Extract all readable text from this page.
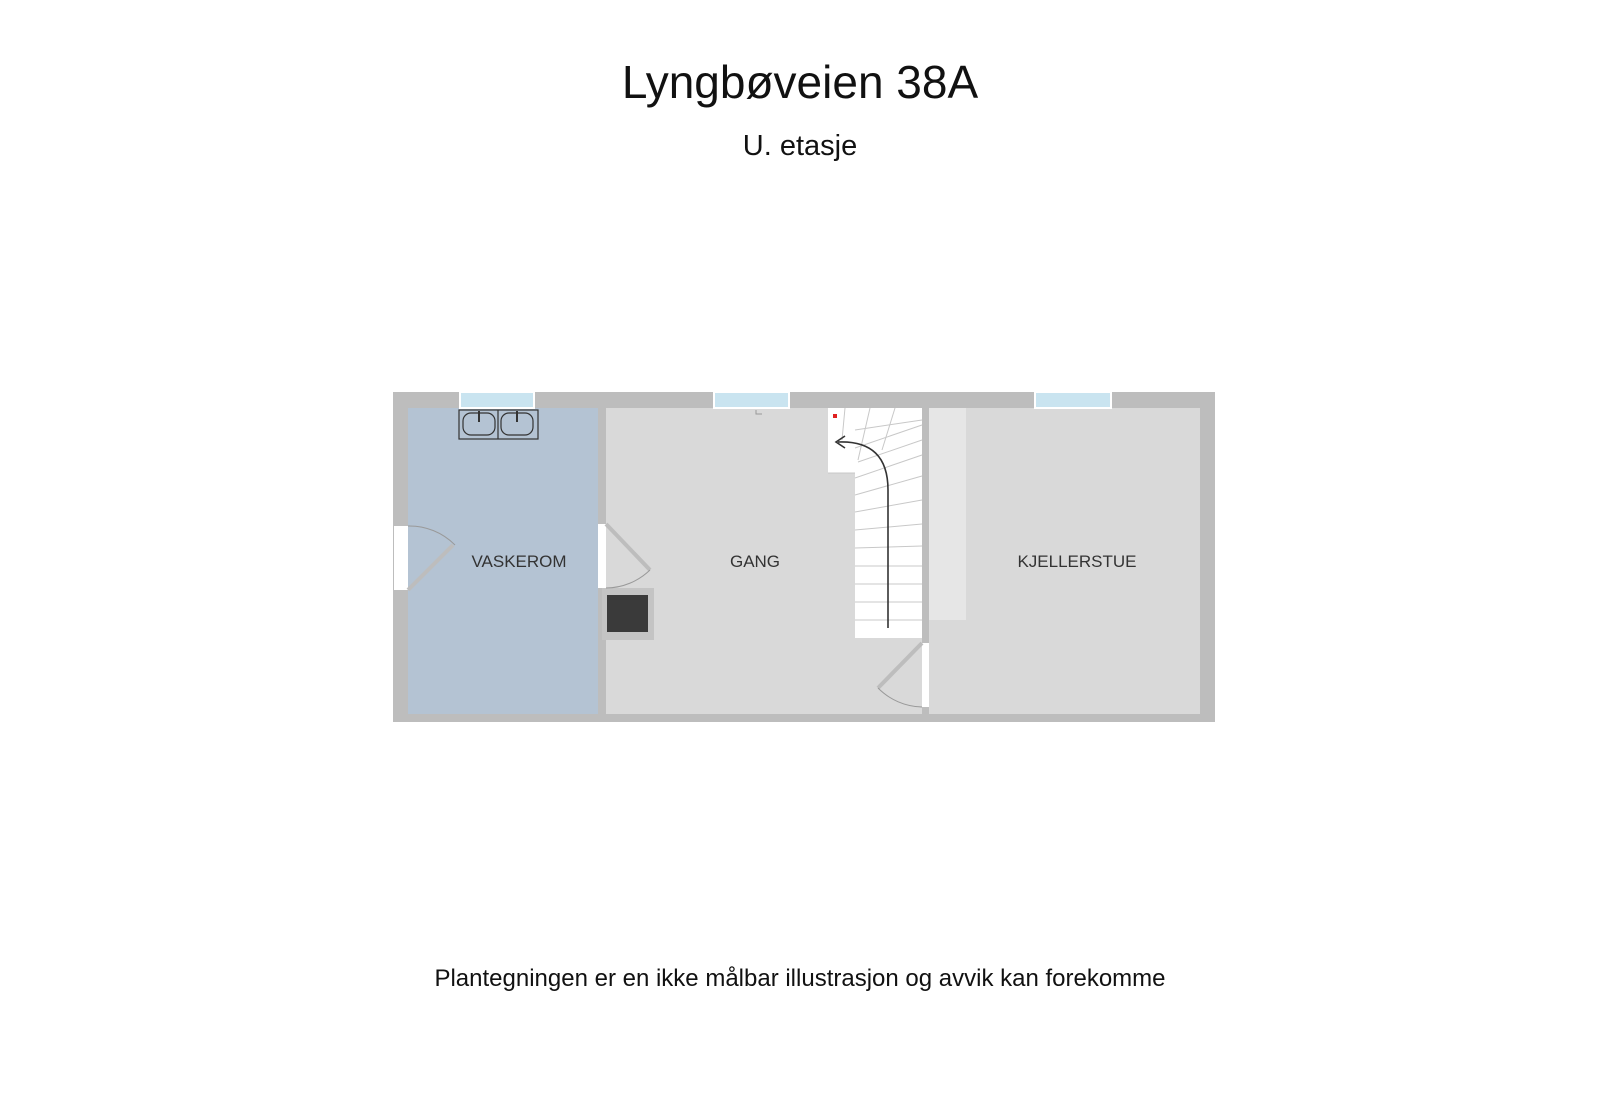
Lyngbøveien 38A
U. etasje
VASKEROM	GANG	KJELLERSTUE
Plantegningen er en ikke målbar illustrasjon og avvik kan forekomme
